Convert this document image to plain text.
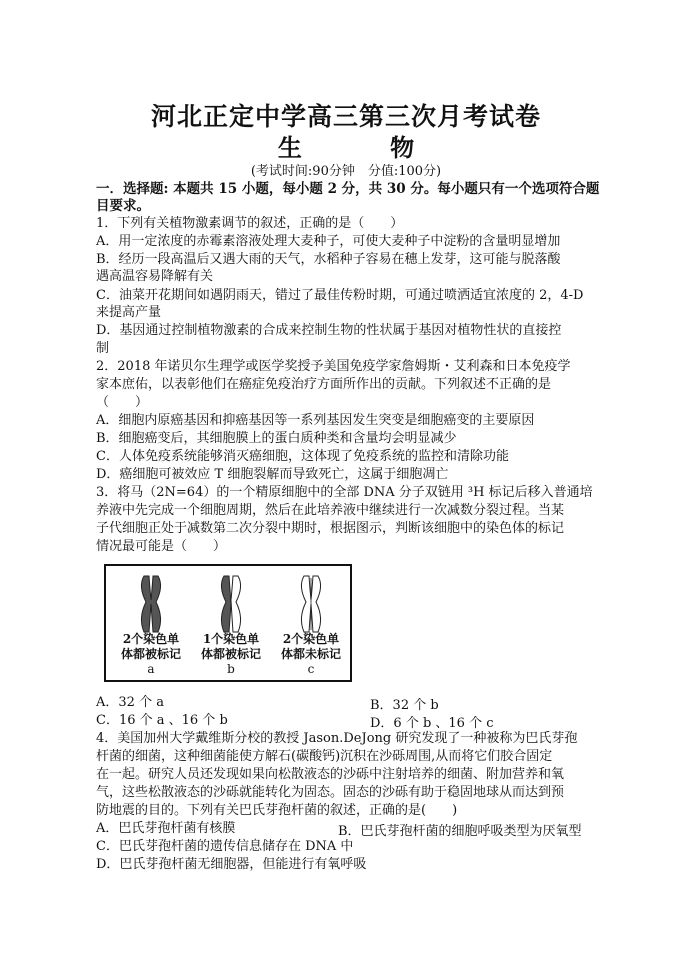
河北正定中学高三第三次月考试卷
生 物
(考试时间:90分钟　分值:100分)
一．选择题: 本题共 15 小题，每小题 2 分，共 30 分。每小题只有一个选项符合题
目要求。
1．下列有关植物激素调节的叙述，正确的是（　　）
A．用一定浓度的赤霉素溶液处理大麦种子，可使大麦种子中淀粉的含量明显增加
B．经历一段高温后又遇大雨的天气，水稻种子容易在穗上发芽，这可能与脱落酸
遇高温容易降解有关
C．油菜开花期间如遇阴雨天，错过了最佳传粉时期，可通过喷洒适宜浓度的 2，4-D
来提高产量
D．基因通过控制植物激素的合成来控制生物的性状属于基因对植物性状的直接控
制
2．2018 年诺贝尔生理学或医学奖授予美国免疫学家詹姆斯・艾利森和日本免疫学
家本庶佑，以表彰他们在癌症免疫治疗方面所作出的贡献。下列叙述不正确的是
（　　）
A．细胞内原癌基因和抑癌基因等一系列基因发生突变是细胞癌变的主要原因
B．细胞癌变后，其细胞膜上的蛋白质种类和含量均会明显减少
C．人体免疫系统能够消灭癌细胞，这体现了免疫系统的监控和清除功能
D．癌细胞可被效应 T 细胞裂解而导致死亡，这属于细胞凋亡
3．将马（2N=64）的一个精原细胞中的全部 DNA 分子双链用 ³H 标记后移入普通培
养液中先完成一个细胞周期，然后在此培养液中继续进行一次减数分裂过程。当某
子代细胞正处于减数第二次分裂中期时，根据图示，判断该细胞中的染色体的标记
情况最可能是（　　）
2个染色单
体都被标记
a
1个染色单
体都被标记
b
2个染色单
体都未标记
c
A．32 个 a	B．32 个 b
C．16 个 a 、16 个 b	D．6 个 b 、16 个 c
4．美国加州大学戴维斯分校的教授 Jason.DeJong 研究发现了一种被称为巴氏芽孢
杆菌的细菌，这种细菌能使方解石(碳酸钙)沉积在沙砾周围,从而将它们胶合固定
在一起。研究人员还发现如果向松散液态的沙砾中注射培养的细菌、附加营养和氧
气，这些松散液态的沙砾就能转化为固态。固态的沙砾有助于稳固地球从而达到预
防地震的目的。下列有关巴氏芽孢杆菌的叙述，正确的是(　　)
A．巴氏芽孢杆菌有核膜	B．巴氏芽孢杆菌的细胞呼吸类型为厌氧型
C．巴氏芽孢杆菌的遗传信息储存在 DNA 中
D．巴氏芽孢杆菌无细胞器，但能进行有氧呼吸
